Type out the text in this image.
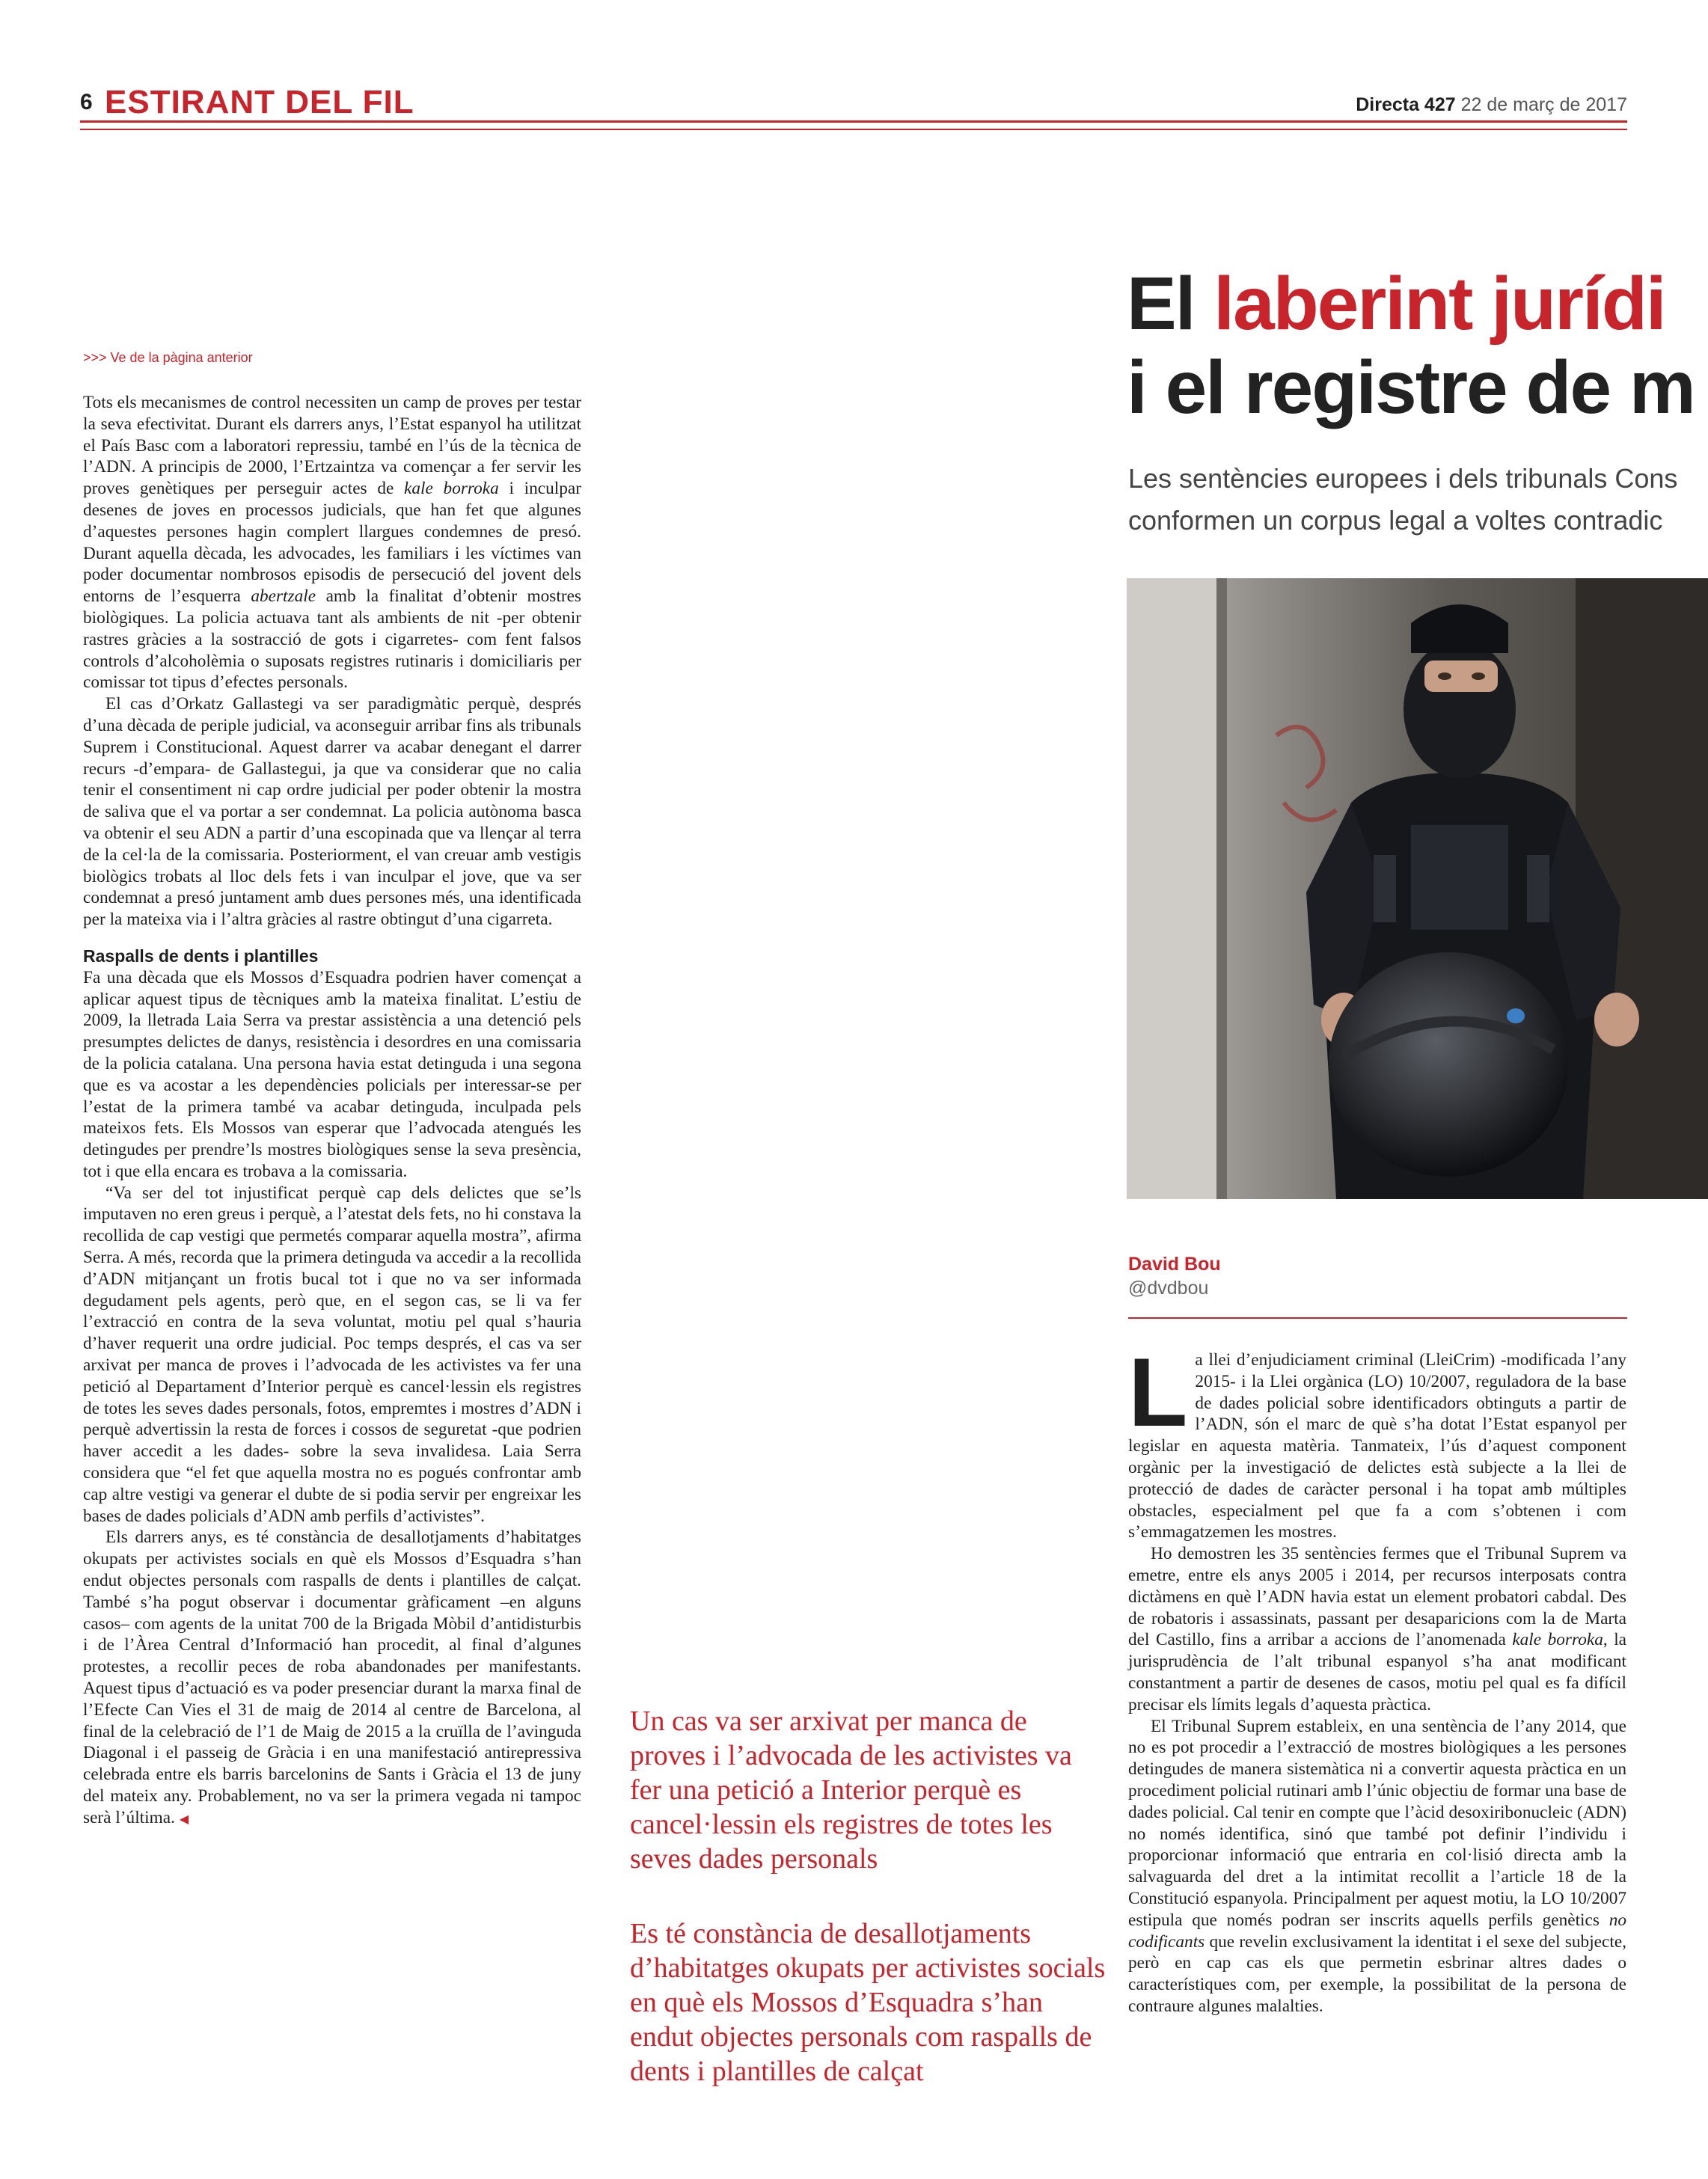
6 ESTIRANT DEL FIL	Directa 427 22 de març de 2017
El laberint jurídi
i el registre de m
Les sentències europees i dels tribunals Cons
conformen un corpus legal a voltes contradic
David Bou
@dvdbou
>>> Ve de la pàgina anterior

Tots els mecanismes de control necessiten un camp de proves per testar la seva efectivitat. Durant els darrers anys, l’Estat espanyol ha utilitzat el País Basc com a laboratori repressiu, també en l’ús de la tècnica de l’ADN. A principis de 2000, l’Ertzaintza va començar a fer servir les proves genètiques per perseguir actes de kale borroka i inculpar desenes de joves en processos judicials, que han fet que algunes d’aquestes persones hagin complert llargues condemnes de presó. Durant aquella dècada, les advocades, les familiars i les víctimes van poder documentar nombrosos episodis de persecució del jovent dels entorns de l’esquerra abertzale amb la finalitat d’obtenir mostres biològiques. La policia actuava tant als ambients de nit -per obtenir rastres gràcies a la sostracció de gots i cigarretes- com fent falsos controls d’alcoholèmia o suposats registres rutinaris i domiciliaris per comissar tot tipus d’efectes personals.

El cas d’Orkatz Gallastegi va ser paradigmàtic perquè, després d’una dècada de periple judicial, va aconseguir arribar fins als tribunals Suprem i Constitucional. Aquest darrer va acabar denegant el darrer recurs -d’empara- de Gallastegui, ja que va considerar que no calia tenir el consentiment ni cap ordre judicial per poder obtenir la mostra de saliva que el va portar a ser condemnat. La policia autònoma basca va obtenir el seu ADN a partir d’una escopinada que va llençar al terra de la cel·la de la comissaria. Posteriorment, el van creuar amb vestigis biològics trobats al lloc dels fets i van inculpar el jove, que va ser condemnat a presó juntament amb dues persones més, una identificada per la mateixa via i l’altra gràcies al rastre obtingut d’una cigarreta.

Raspalls de dents i plantilles

Fa una dècada que els Mossos d’Esquadra podrien haver començat a aplicar aquest tipus de tècniques amb la mateixa finalitat. L’estiu de 2009, la lletrada Laia Serra va prestar assistència a una detenció pels presumptes delictes de danys, resistència i desordres en una comissaria de la policia catalana. Una persona havia estat detinguda i una segona que es va acostar a les dependències policials per interessar-se per l’estat de la primera també va acabar detinguda, inculpada pels mateixos fets. Els Mossos van esperar que l’advocada atengués les detingudes per prendre’ls mostres biològiques sense la seva presència, tot i que ella encara es trobava a la comissaria.

“Va ser del tot injustificat perquè cap dels delictes que se’ls imputaven no eren greus i perquè, a l’atestat dels fets, no hi constava la recollida de cap vestigi que permetés comparar aquella mostra”, afirma Serra. A més, recorda que la primera detinguda va accedir a la recollida d’ADN mitjançant un frotis bucal tot i que no va ser informada degudament pels agents, però que, en el segon cas, se li va fer l’extracció en contra de la seva voluntat, motiu pel qual s’hauria d’haver requerit una ordre judicial. Poc temps després, el cas va ser arxivat per manca de proves i l’advocada de les activistes va fer una petició al Departament d’Interior perquè es cancel·lessin els registres de totes les seves dades personals, fotos, empremtes i mostres d’ADN i perquè advertissin la resta de forces i cossos de seguretat -que podrien haver accedit a les dades- sobre la seva invalidesa. Laia Serra considera que “el fet que aquella mostra no es pogués confrontar amb cap altre vestigi va generar el dubte de si podia servir per engreixar les bases de dades policials d’ADN amb perfils d’activistes”.

Els darrers anys, es té constància de desallotjaments d’habitatges okupats per activistes socials en què els Mossos d’Esquadra s’han endut objectes personals com raspalls de dents i plantilles de calçat. També s’ha pogut observar i documentar gràficament –en alguns casos– com agents de la unitat 700 de la Brigada Mòbil d’antidisturbis i de l’Àrea Central d’Informació han procedit, al final d’algunes protestes, a recollir peces de roba abandonades per manifestants. Aquest tipus d’actuació es va poder presenciar durant la marxa final de l’Efecte Can Vies el 31 de maig de 2014 al centre de Barcelona, al final de la celebració de l’1 de Maig de 2015 a la cruïlla de l’avinguda Diagonal i el passeig de Gràcia i en una manifestació antirepressiva celebrada entre els barris barcelonins de Sants i Gràcia el 13 de juny del mateix any. Probablement, no va ser la primera vegada ni tampoc serà l’última. ◀

Un cas va ser arxivat per manca de proves i l’advocada de les activistes va fer una petició a Interior perquè es cancel·lessin els registres de totes les seves dades personals
Es té constància de desallotjaments d’habitatges okupats per activistes socials en què els Mossos d’Esquadra s’han endut objectes personals com raspalls de dents i plantilles de calçat

La llei d’enjudiciament criminal (LleiCrim) -modificada l’any 2015- i la Llei orgànica (LO) 10/2007, reguladora de la base de dades policial sobre identificadors obtinguts a partir de l’ADN, són el marc de què s’ha dotat l’Estat espanyol per legislar en aquesta matèria. Tanmateix, l’ús d’aquest component orgànic per la investigació de delictes està subjecte a la llei de protecció de dades de caràcter personal i ha topat amb múltiples obstacles, especialment pel que fa a com s’obtenen i com s’emmagatzemen les mostres.

Ho demostren les 35 sentències fermes que el Tribunal Suprem va emetre, entre els anys 2005 i 2014, per recursos interposats contra dictàmens en què l’ADN havia estat un element probatori cabdal. Des de robatoris i assassinats, passant per desaparicions com la de Marta del Castillo, fins a arribar a accions de l’anomenada kale borroka, la jurisprudència de l’alt tribunal espanyol s’ha anat modificant constantment a partir de desenes de casos, motiu pel qual es fa difícil precisar els límits legals d’aquesta pràctica.

El Tribunal Suprem estableix, en una sentència de l’any 2014, que no es pot procedir a l’extracció de mostres biològiques a les persones detingudes de manera sistemàtica ni a convertir aquesta pràctica en un procediment policial rutinari amb l’únic objectiu de formar una base de dades policial. Cal tenir en compte que l’àcid desoxiribonucleic (ADN) no només identifica, sinó que també pot definir l’individu i proporcionar informació que entraria en col·lisió directa amb la salvaguarda del dret a la intimitat recollit a l’article 18 de la Constitució espanyola. Principalment per aquest motiu, la LO 10/2007 estipula que només podran ser inscrits aquells perfils genètics no codificants que revelin exclusivament la identitat i el sexe del subjecte, però en cap cas els que permetin esbrinar altres dades o característiques com, per exemple, la possibilitat de la persona de contraure algunes malalties.
